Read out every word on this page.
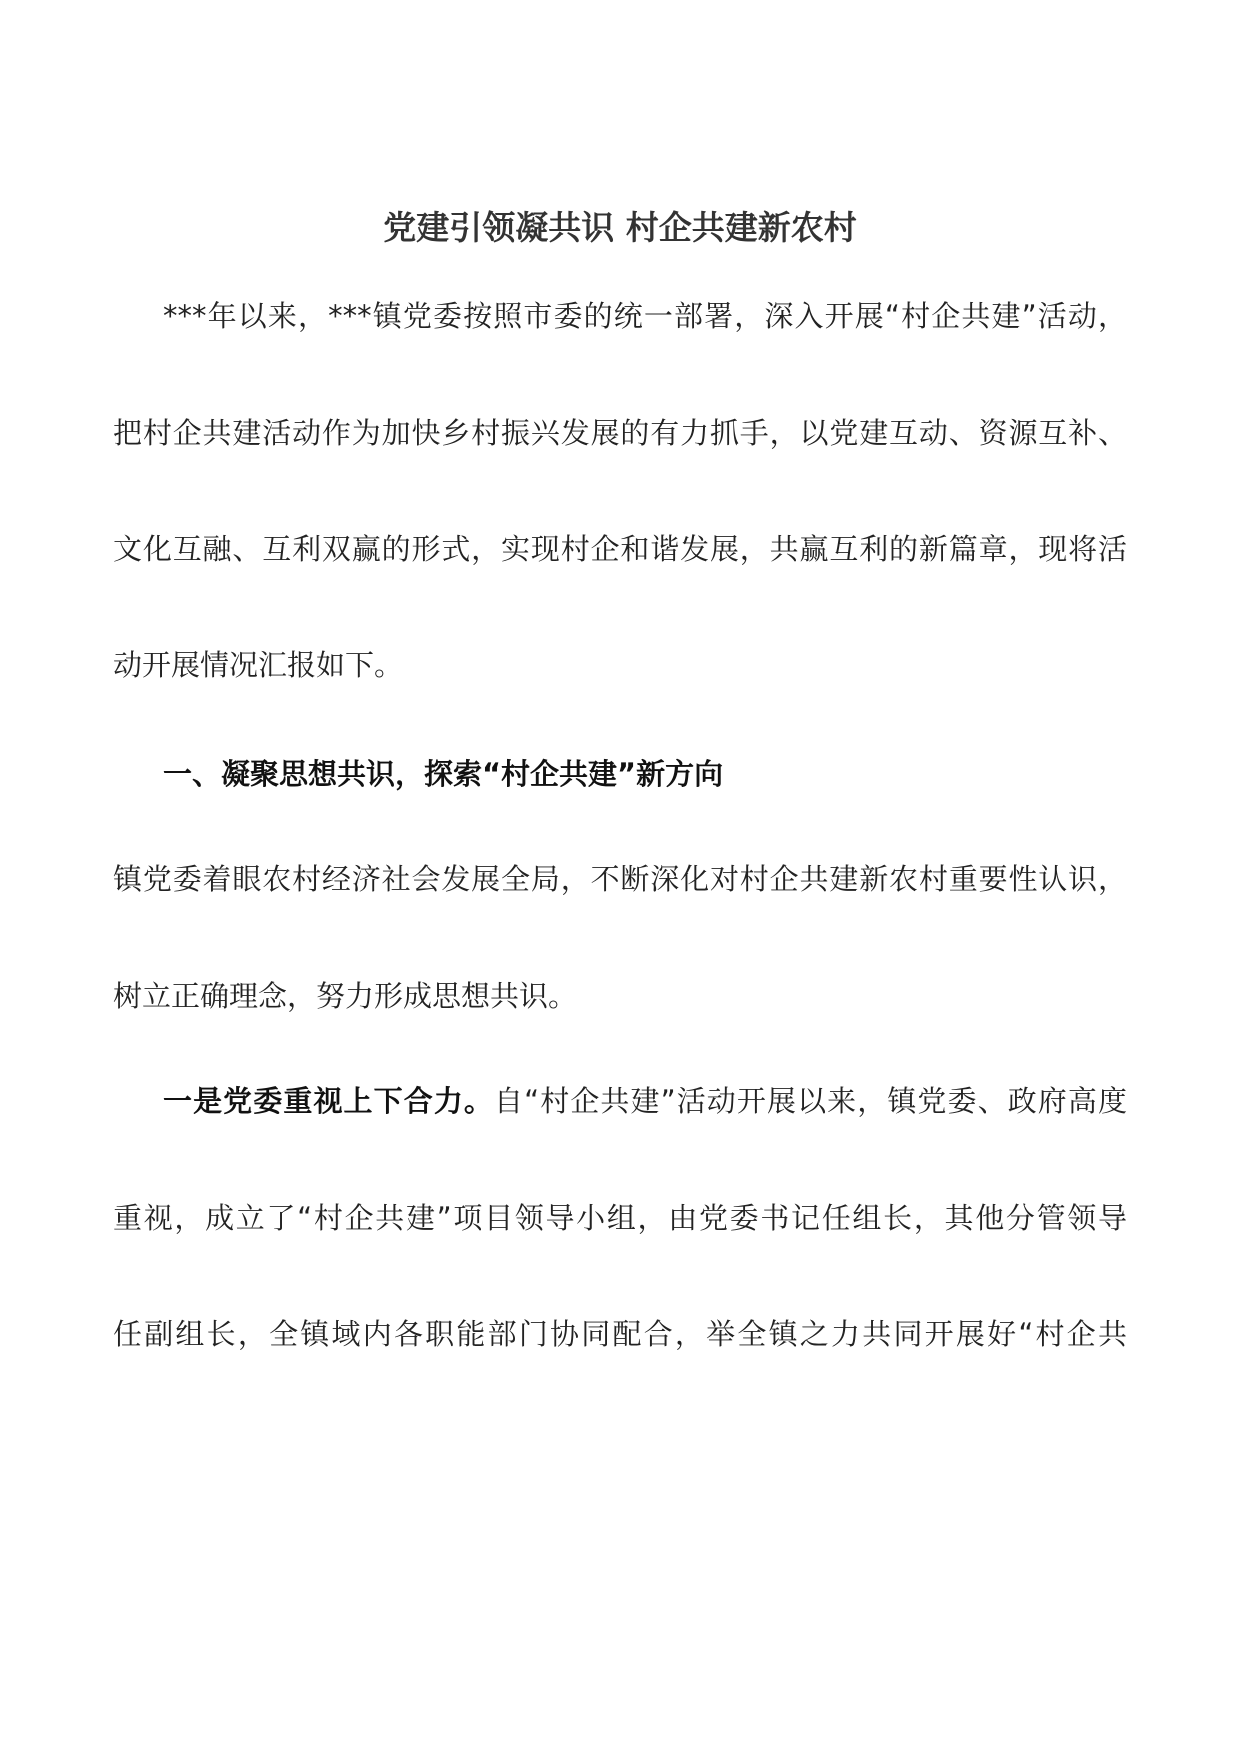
党建引领凝共识 村企共建新农村

***年以来，***镇党委按照市委的统一部署，深入开展“村企共建”活动，

把村企共建活动作为加快乡村振兴发展的有力抓手，以党建互动、资源互补、

文化互融、互利双赢的形式，实现村企和谐发展，共赢互利的新篇章，现将活

动开展情况汇报如下。

一、凝聚思想共识，探索“村企共建”新方向

镇党委着眼农村经济社会发展全局，不断深化对村企共建新农村重要性认识，

树立正确理念，努力形成思想共识。

一是党委重视上下合力。自“村企共建”活动开展以来，镇党委、政府高度

重视，成立了“村企共建”项目领导小组，由党委书记任组长，其他分管领导

任副组长，全镇域内各职能部门协同配合，举全镇之力共同开展好“村企共
